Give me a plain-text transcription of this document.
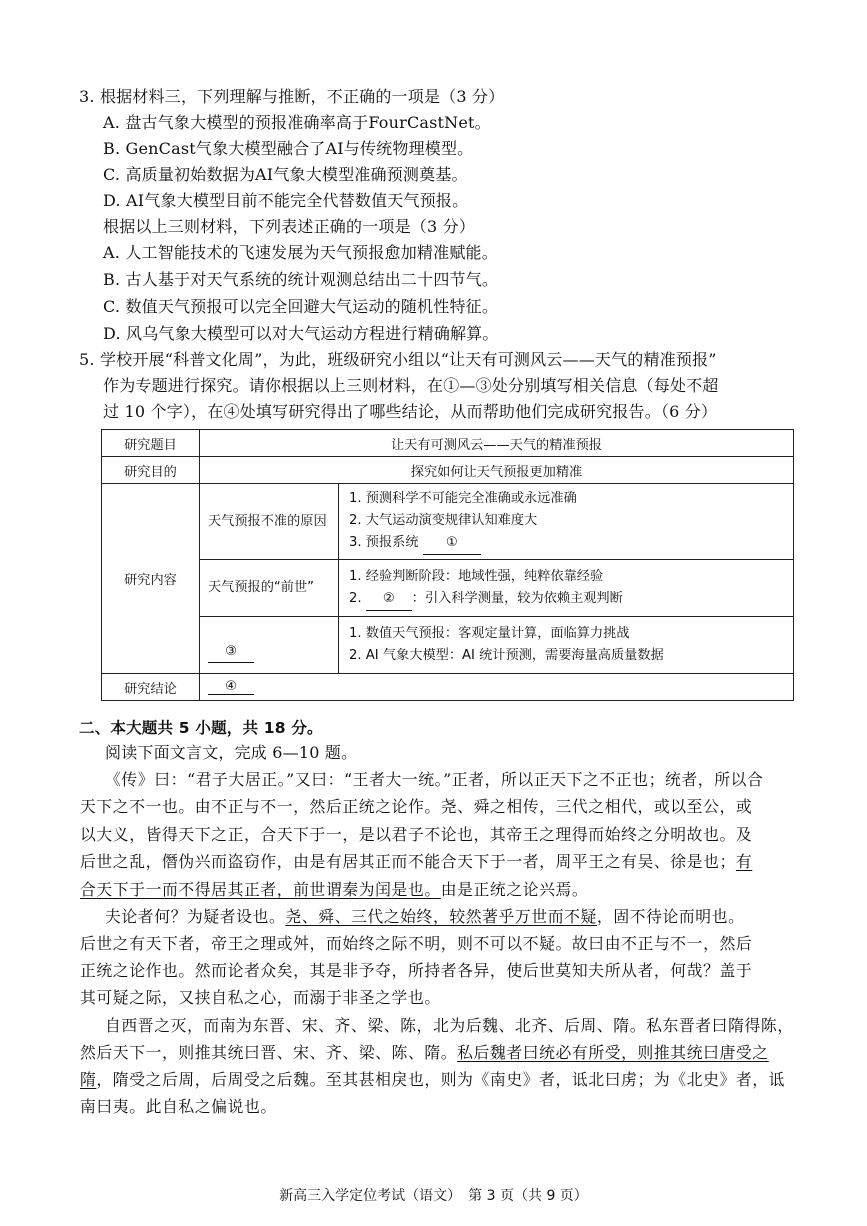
3. 根据材料三，下列理解与推断，不正确的一项是（3 分）
A. 盘古气象大模型的预报准确率高于FourCastNet。
B. GenCast气象大模型融合了AI与传统物理模型。
C. 高质量初始数据为AI气象大模型准确预测奠基。
D. AI气象大模型目前不能完全代替数值天气预报。
根据以上三则材料，下列表述正确的一项是（3 分）
A. 人工智能技术的飞速发展为天气预报愈加精准赋能。
B. 古人基于对天气系统的统计观测总结出二十四节气。
C. 数值天气预报可以完全回避大气运动的随机性特征。
D. 风乌气象大模型可以对大气运动方程进行精确解算。
5. 学校开展“科普文化周”，为此，班级研究小组以“让天有可测风云——天气的精准预报”
作为专题进行探究。请你根据以上三则材料，在①—③处分别填写相关信息（每处不超
过 10 个字），在④处填写研究得出了哪些结论，从而帮助他们完成研究报告。（6 分）
研究题目	让天有可测风云——天气的精准预报	
研究目的	探究如何让天气预报更加精准	
研究内容	天气预报不准的原因	1. 预测科学不可能完全准确或永远准确
2. 大气运动演变规律认知难度大
3. 预报系统 ①

	天气预报的“前世”	1. 经验判断阶段：地域性强，纯粹依靠经验
2. ② ：引入科学测量，较为依赖主观判断

	③	1. 数值天气预报：客观定量计算，面临算力挑战
2. AI 气象大模型：AI 统计预测，需要海量高质量数据

研究结论	④	
二、本大题共 5 小题，共 18 分。
阅读下面文言文，完成 6—10 题。
《传》曰：“君子大居正。”又曰：“王者大一统。”正者，所以正天下之不正也；统者，所以合
天下之不一也。由不正与不一，然后正统之论作。尧、舜之相传，三代之相代，或以至公，或
以大义，皆得天下之正，合天下于一，是以君子不论也，其帝王之理得而始终之分明故也。及
后世之乱，僭伪兴而盗窃作，由是有居其正而不能合天下于一者，周平王之有吴、徐是也；有
合天下于一而不得居其正者，前世谓秦为闰是也。由是正统之论兴焉。
夫论者何？为疑者设也。尧、舜、三代之始终，较然著乎万世而不疑，固不待论而明也。
后世之有天下者，帝王之理或舛，而始终之际不明，则不可以不疑。故曰由不正与不一，然后
正统之论作也。然而论者众矣，其是非予夺，所持者各异，使后世莫知夫所从者，何哉？盖于
其可疑之际，又挟自私之心，而溺于非圣之学也。
自西晋之灭，而南为东晋、宋、齐、梁、陈，北为后魏、北齐、后周、隋。私东晋者曰隋得陈，
然后天下一，则推其统曰晋、宋、齐、梁、陈、隋。私后魏者曰统必有所受，则推其统曰唐受之
隋，隋受之后周，后周受之后魏。至其甚相戾也，则为《南史》者，诋北曰虏；为《北史》者，诋
南曰夷。此自私之偏说也。
新高三入学定位考试（语文）　第 3 页（共 9 页）
